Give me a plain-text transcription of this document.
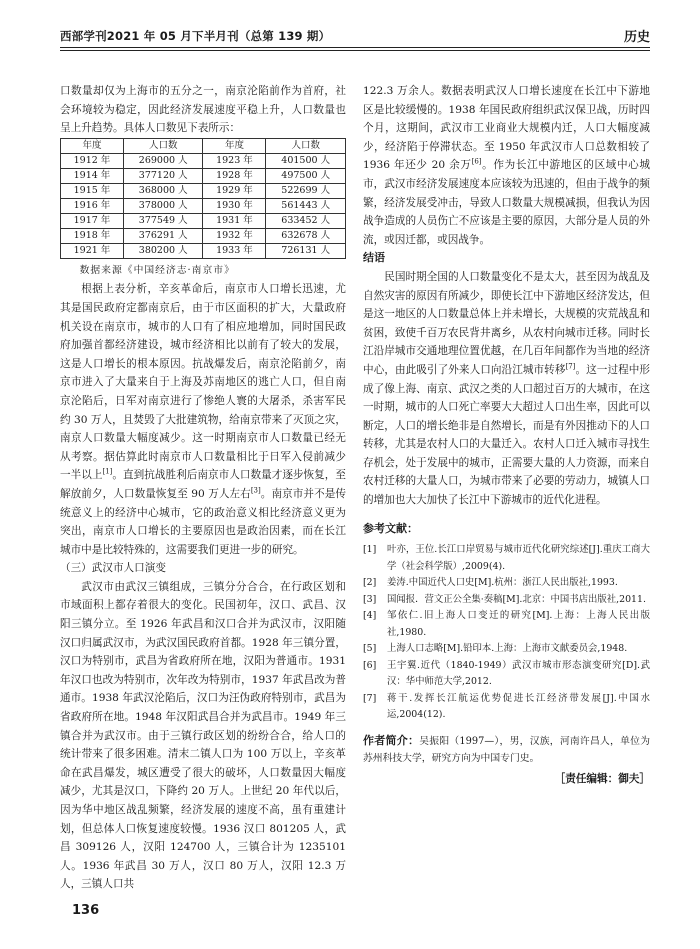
西部学刊2021 年 05 月下半月刊（总第 139 期）	历史

口数量却仅为上海市的五分之一，南京沦陷前作为首府，社会环境较为稳定，因此经济发展速度平稳上升，人口数量也呈上升趋势。具体人口数见下表所示：

年度	人口数	年度	人口数
1912 年	269000 人	1923 年	401500 人
1914 年	377120 人	1928 年	497500 人
1915 年	368000 人	1929 年	522699 人
1916 年	378000 人	1930 年	561443 人
1917 年	377549 人	1931 年	633452 人
1918 年	376291 人	1932 年	632678 人
1921 年	380200 人	1933 年	726131 人
数据来源《中国经济志·南京市》

根据上表分析，辛亥革命后，南京市人口增长迅速，尤其是国民政府定都南京后，由于市区面积的扩大，大量政府机关设在南京市，城市的人口有了相应地增加，同时国民政府加强首都经济建设，城市经济相比以前有了较大的发展，这是人口增长的根本原因。抗战爆发后，南京沦陷前夕，南京市进入了大量来自于上海及苏南地区的逃亡人口，但自南京沦陷后，日军对南京进行了惨绝人寰的大屠杀，杀害军民约 30 万人，且焚毁了大批建筑物，给南京带来了灭顶之灾，南京人口数量大幅度减少。这一时期南京市人口数量已经无从考察。据估算此时南京市人口数量相比于日军入侵前减少一半以上[1]。直到抗战胜利后南京市人口数量才逐步恢复，至解放前夕，人口数量恢复至 90 万人左右[3]。南京市并不是传统意义上的经济中心城市，它的政治意义相比经济意义更为突出，南京市人口增长的主要原因也是政治因素，而在长江城市中是比较特殊的，这需要我们更进一步的研究。

（三）武汉市人口演变

武汉市由武汉三镇组成，三镇分分合合，在行政区划和市域面积上都存着很大的变化。民国初年，汉口、武昌、汉阳三镇分立。至 1926 年武昌和汉口合并为武汉市，汉阳随汉口归属武汉市，为武汉国民政府首都。1928 年三镇分置，汉口为特别市，武昌为省政府所在地，汉阳为普通市。1931 年汉口也改为特别市，次年改为特别市，1937 年武昌改为普通市。1938 年武汉沦陷后，汉口为汪伪政府特别市，武昌为省政府所在地。1948 年汉阳武昌合并为武昌市。1949 年三镇合并为武汉市。由于三镇行政区划的纷纷合合，给人口的统计带来了很多困难。清末二镇人口为 100 万以上，辛亥革命在武昌爆发，城区遭受了很大的破坏，人口数量因大幅度减少，尤其是汉口，下降约 20 万人。上世纪 20 年代以后，因为华中地区战乱频繁，经济发展的速度不高，虽有重建计划，但总体人口恢复速度较慢。1936 汉口 801205 人，武昌 309126 人，汉阳 124700 人，三镇合计为 1235101 人。1936 年武昌 30 万人，汉口 80 万人，汉阳 12.3 万人，三镇人口共

122.3 万余人。数据表明武汉人口增长速度在长江中下游地区是比较缓慢的。1938 年国民政府组织武汉保卫战，历时四个月，这期间，武汉市工业商业大规模内迁，人口大幅度减少，经济陷于停滞状态。至 1950 年武汉市人口总数相较了 1936 年还少 20 余万[6]。作为长江中游地区的区域中心城市，武汉市经济发展速度本应该较为迅速的，但由于战争的频繁，经济发展受冲击，导致人口数量大规模减损，但我认为因战争造成的人员伤亡不应该是主要的原因，大部分是人员的外流，或因迁都，或因战争。

结语

民国时期全国的人口数量变化不是太大，甚至因为战乱及自然灾害的原因有所减少，即使长江中下游地区经济发达，但是这一地区的人口数量总体上并未增长，大规模的灾荒战乱和贫困，致使千百万农民背井离乡，从农村向城市迁移。同时长江沿岸城市交通地理位置优越，在几百年间都作为当地的经济中心，由此吸引了外来人口向沿江城市转移[7]。这一过程中形成了像上海、南京、武汉之类的人口超过百万的大城市，在这一时期，城市的人口死亡率要大大超过人口出生率，因此可以断定，人口的增长绝非是自然增长，而是有外因推动下的人口转移，尤其是农村人口的大量迁入。农村人口迁入城市寻找生存机会，处于发展中的城市，正需要大量的人力资源，而来自农村迁移的大量人口，为城市带来了必要的劳动力，城镇人口的增加也大大加快了长江中下游城市的近代化进程。

参考文献：
[1] 叶亦，王位.长江口岸贸易与城市近代化研究综述[J].重庆工商大学（社会科学版）,2009(4).
[2] 姜涛.中国近代人口史[M].杭州：浙江人民出版社,1993.
[3] 国闻报．营文正公全集·奏稿[M].北京：中国书店出版社,2011.
[4] 邹依仁.旧上海人口变迁的研究[M].上海：上海人民出版社,1980.
[5] 上海人口志略[M].铅印本.上海：上海市文献委员会,1948.
[6] 王宇翼.近代（1840-1949）武汉市城市形态演变研究[D].武汉：华中师范大学,2012.
[7] 蒋干.发挥长江航运优势促进长江经济带发展[J].中国水运,2004(12).
作者简介：吴振阳（1997—），男，汉族，河南许昌人，单位为苏州科技大学，研究方向为中国专门史。
［责任编辑：御夫］
136
